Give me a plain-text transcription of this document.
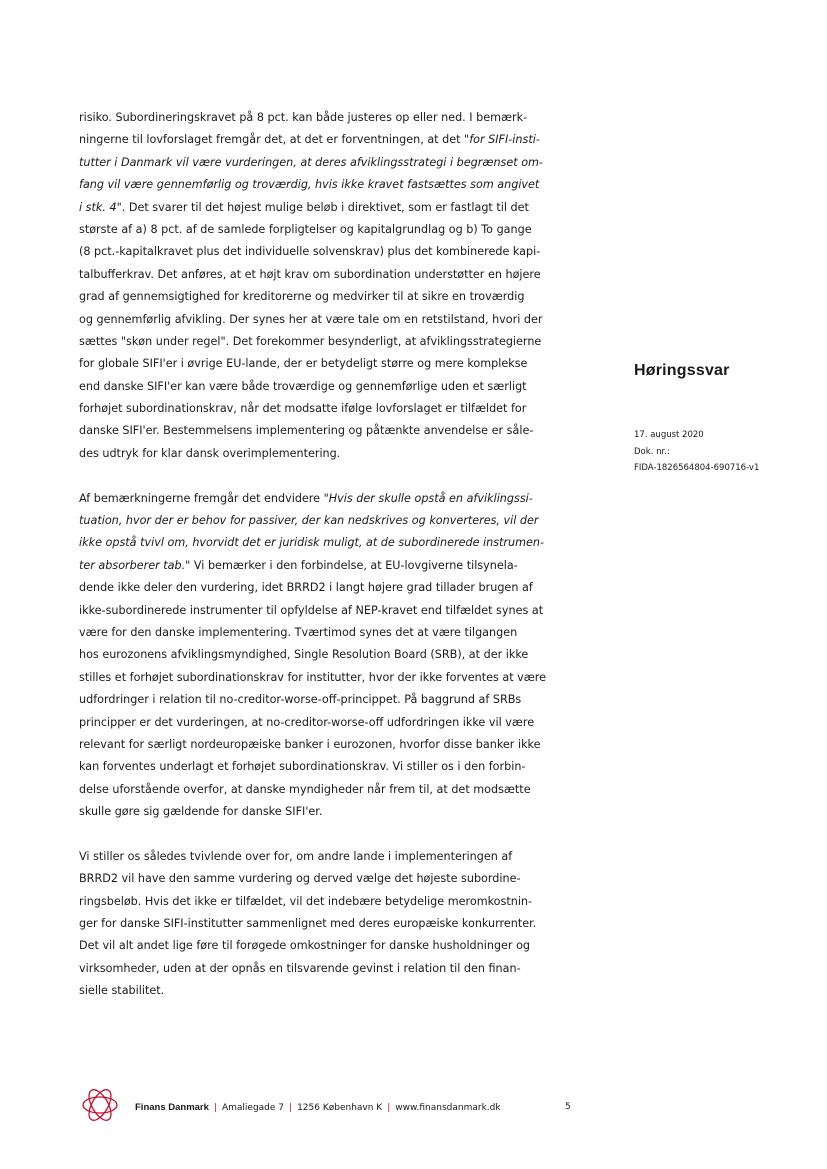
risiko. Subordineringskravet på 8 pct. kan både justeres op eller ned. I bemærk-
ningerne til lovforslaget fremgår det, at det er forventningen, at det "for SIFI-insti-
tutter i Danmark vil være vurderingen, at deres afviklingsstrategi i begrænset om-
fang vil være gennemførlig og troværdig, hvis ikke kravet fastsættes som angivet
i stk. 4". Det svarer til det højest mulige beløb i direktivet, som er fastlagt til det
største af a) 8 pct. af de samlede forpligtelser og kapitalgrundlag og b) To gange
(8 pct.-kapitalkravet plus det individuelle solvenskrav) plus det kombinerede kapi-
talbufferkrav. Det anføres, at et højt krav om subordination understøtter en højere
grad af gennemsigtighed for kreditorerne og medvirker til at sikre en troværdig
og gennemførlig afvikling. Der synes her at være tale om en retstilstand, hvori der
sættes "skøn under regel". Det forekommer besynderligt, at afviklingsstrategierne
for globale SIFI'er i øvrige EU-lande, der er betydeligt større og mere komplekse
end danske SIFI'er kan være både troværdige og gennemførlige uden et særligt
forhøjet subordinationskrav, når det modsatte ifølge lovforslaget er tilfældet for
danske SIFI'er. Bestemmelsens implementering og påtænkte anvendelse er såle-
des udtryk for klar dansk overimplementering.
Af bemærkningerne fremgår det endvidere "Hvis der skulle opstå en afviklingssi-
tuation, hvor der er behov for passiver, der kan nedskrives og konverteres, vil der
ikke opstå tvivl om, hvorvidt det er juridisk muligt, at de subordinerede instrumen-
ter absorberer tab." Vi bemærker i den forbindelse, at EU-lovgiverne tilsynela-
dende ikke deler den vurdering, idet BRRD2 i langt højere grad tillader brugen af
ikke-subordinerede instrumenter til opfyldelse af NEP-kravet end tilfældet synes at
være for den danske implementering. Tværtimod synes det at være tilgangen
hos eurozonens afviklingsmyndighed, Single Resolution Board (SRB), at der ikke
stilles et forhøjet subordinationskrav for institutter, hvor der ikke forventes at være
udfordringer i relation til no-creditor-worse-off-princippet. På baggrund af SRBs
principper er det vurderingen, at no-creditor-worse-off udfordringen ikke vil være
relevant for særligt nordeuropæiske banker i eurozonen, hvorfor disse banker ikke
kan forventes underlagt et forhøjet subordinationskrav. Vi stiller os i den forbin-
delse uforstående overfor, at danske myndigheder når frem til, at det modsætte
skulle gøre sig gældende for danske SIFI'er.
Vi stiller os således tvivlende over for, om andre lande i implementeringen af
BRRD2 vil have den samme vurdering og derved vælge det højeste subordine-
ringsbeløb. Hvis det ikke er tilfældet, vil det indebære betydelige meromkostnin-
ger for danske SIFI-institutter sammenlignet med deres europæiske konkurrenter.
Det vil alt andet lige føre til forøgede omkostninger for danske husholdninger og
virksomheder, uden at der opnås en tilsvarende gevinst i relation til den finan-
sielle stabilitet.
Høringssvar
17. august 2020
Dok. nr.:
FIDA-1826564804-690716-v1
Finans Danmark | Amaliegade 7 | 1256 København K | www.finansdanmark.dk	5
